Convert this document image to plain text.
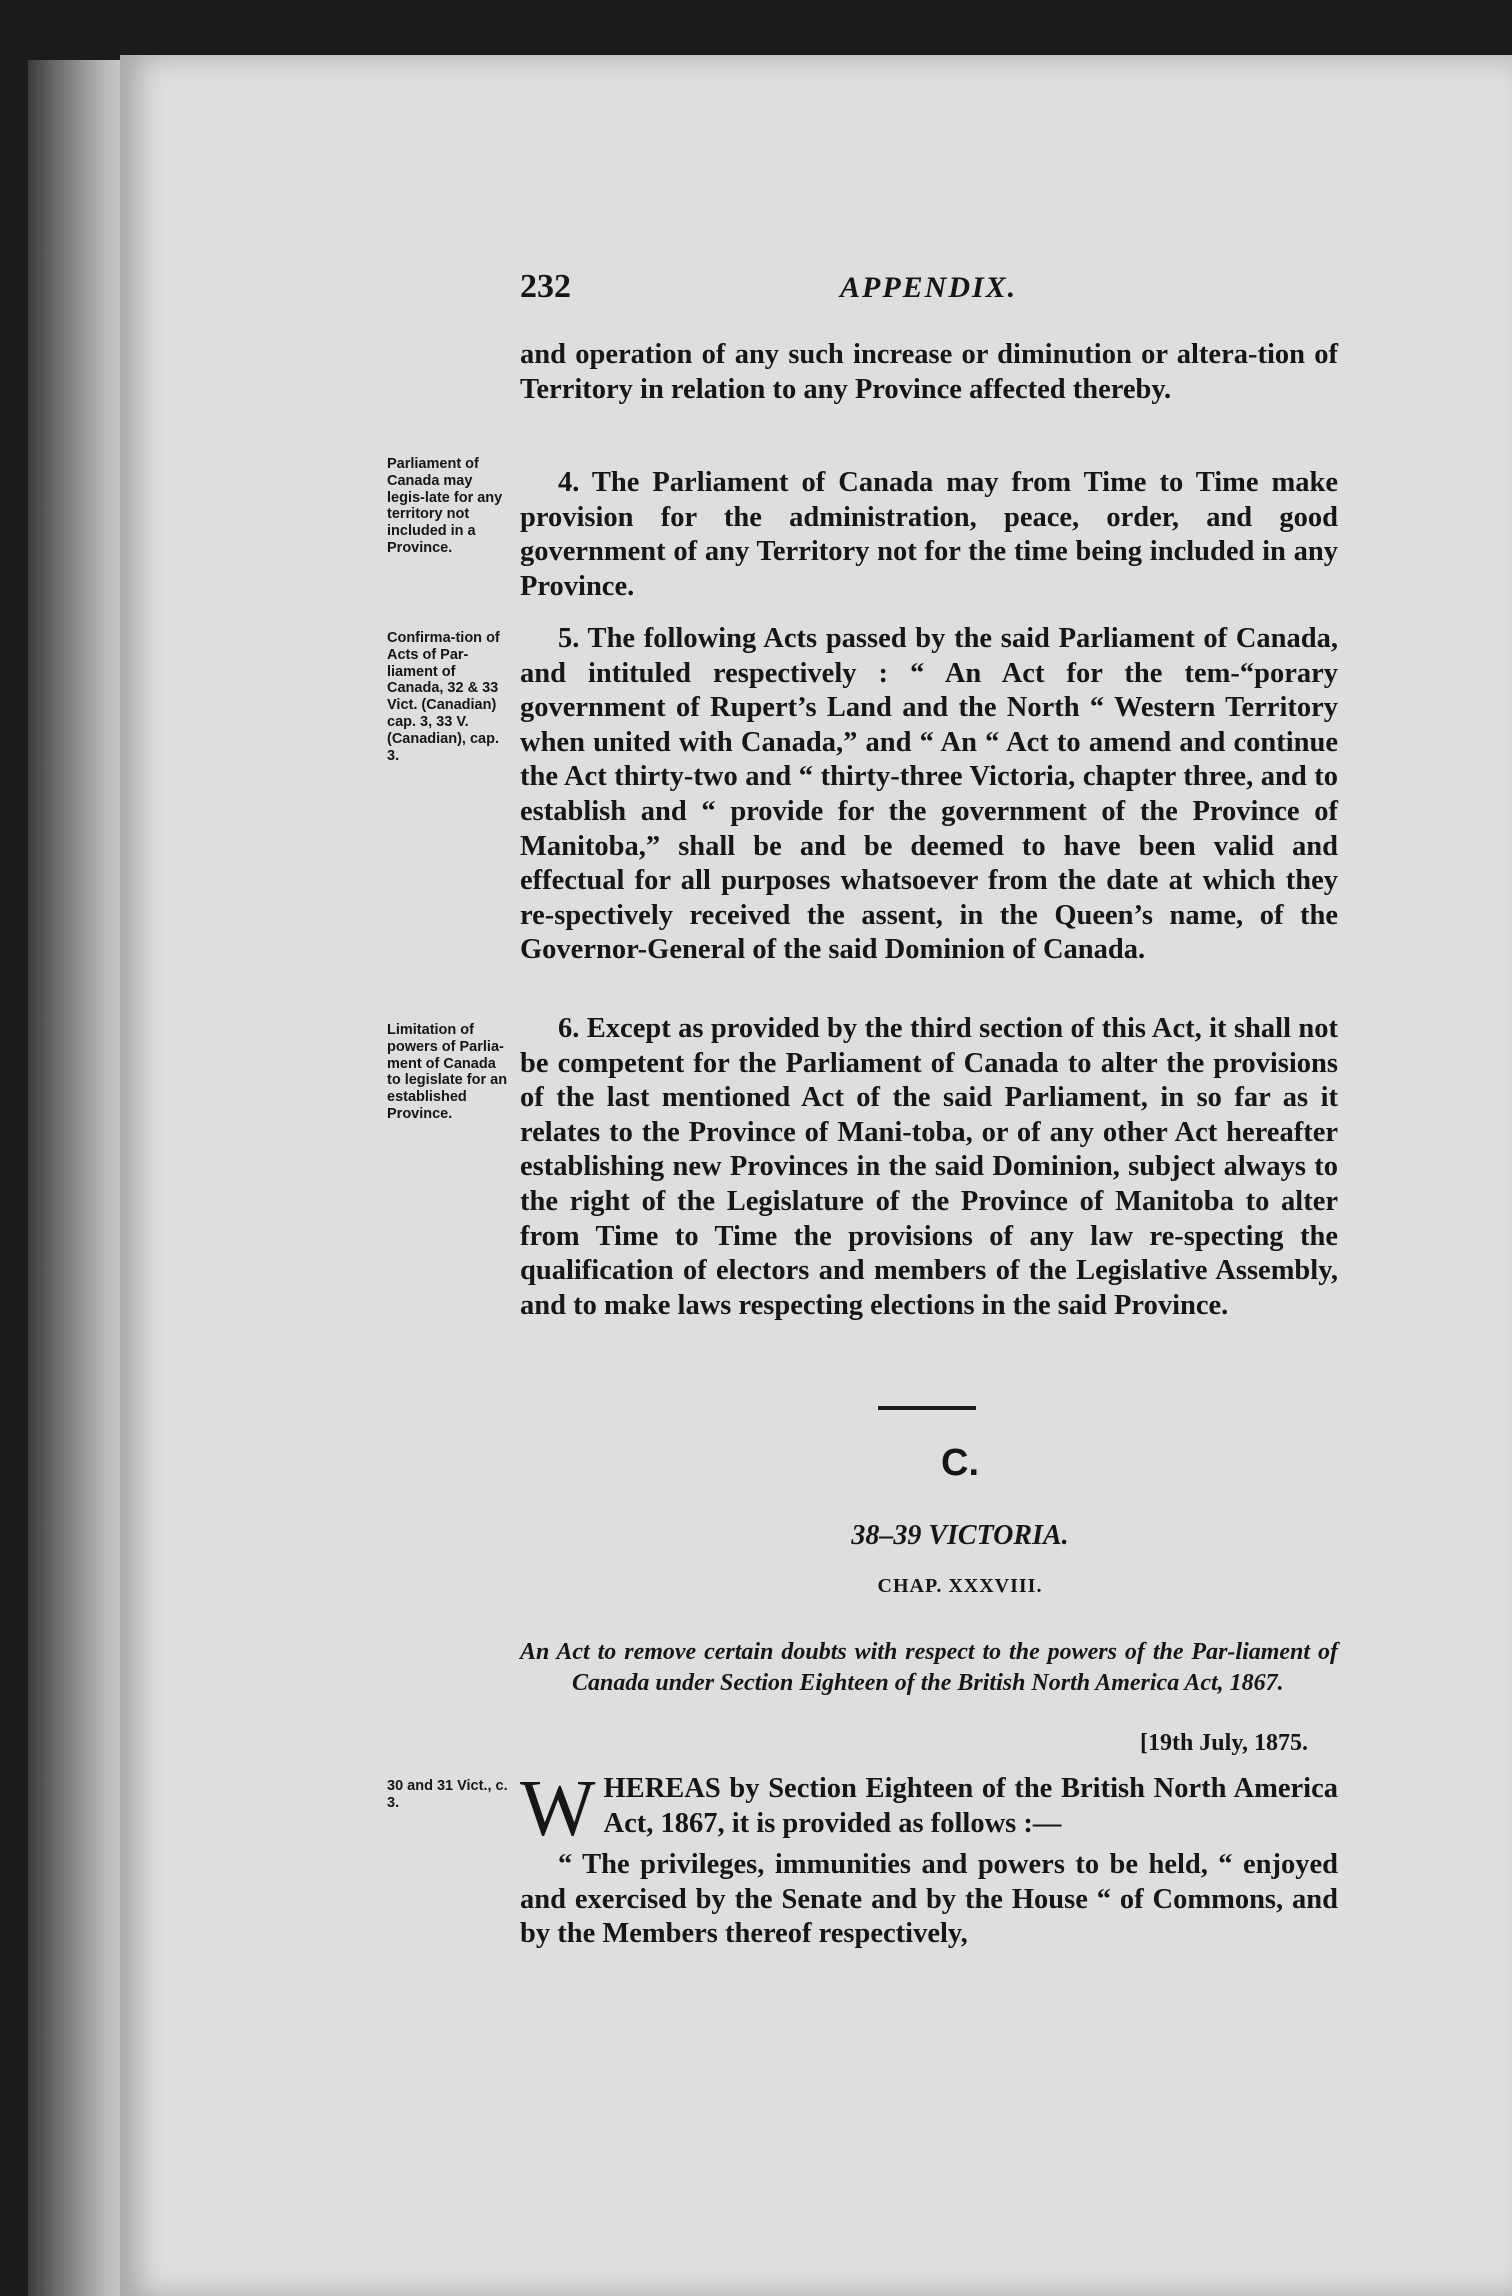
232	APPENDIX.

and operation of any such increase or diminution or altera-tion of Territory in relation to any Province affected thereby.

Parliament of Canada may legis-late for any territory not included in a Province.

4. The Parliament of Canada may from Time to Time make provision for the administration, peace, order, and good government of any Territory not for the time being included in any Province.

Confirma-tion of Acts of Par-liament of Canada, 32 & 33 Vict. (Canadian) cap. 3, 33 V. (Canadian), cap. 3.

5. The following Acts passed by the said Parliament of Canada, and intituled respectively : “ An Act for the tem-“porary government of Rupert’s Land and the North “ Western Territory when united with Canada,” and “ An “ Act to amend and continue the Act thirty-two and “ thirty-three Victoria, chapter three, and to establish and “ provide for the government of the Province of Manitoba,” shall be and be deemed to have been valid and effectual for all purposes whatsoever from the date at which they re-spectively received the assent, in the Queen’s name, of the Governor-General of the said Dominion of Canada.

Limitation of powers of Parlia-ment of Canada to legislate for an established Province.

6. Except as provided by the third section of this Act, it shall not be competent for the Parliament of Canada to alter the provisions of the last mentioned Act of the said Parliament, in so far as it relates to the Province of Mani-toba, or of any other Act hereafter establishing new Provinces in the said Dominion, subject always to the right of the Legislature of the Province of Manitoba to alter from Time to Time the provisions of any law re-specting the qualification of electors and members of the Legislative Assembly, and to make laws respecting elections in the said Province.

C.
38–39 VICTORIA.
CHAP. XXXVIII.
An Act to remove certain doubts with respect to the powers of the Par-liament of Canada under Section Eighteen of the British North America Act, 1867.
[19th July, 1875.
30 and 31 Vict., c. 3.	W HEREAS by Section Eighteen of the British North America Act, 1867, it is provided as follows :—
“ The privileges, immunities and powers to be held, “ enjoyed and exercised by the Senate and by the House “ of Commons, and by the Members thereof respectively,
